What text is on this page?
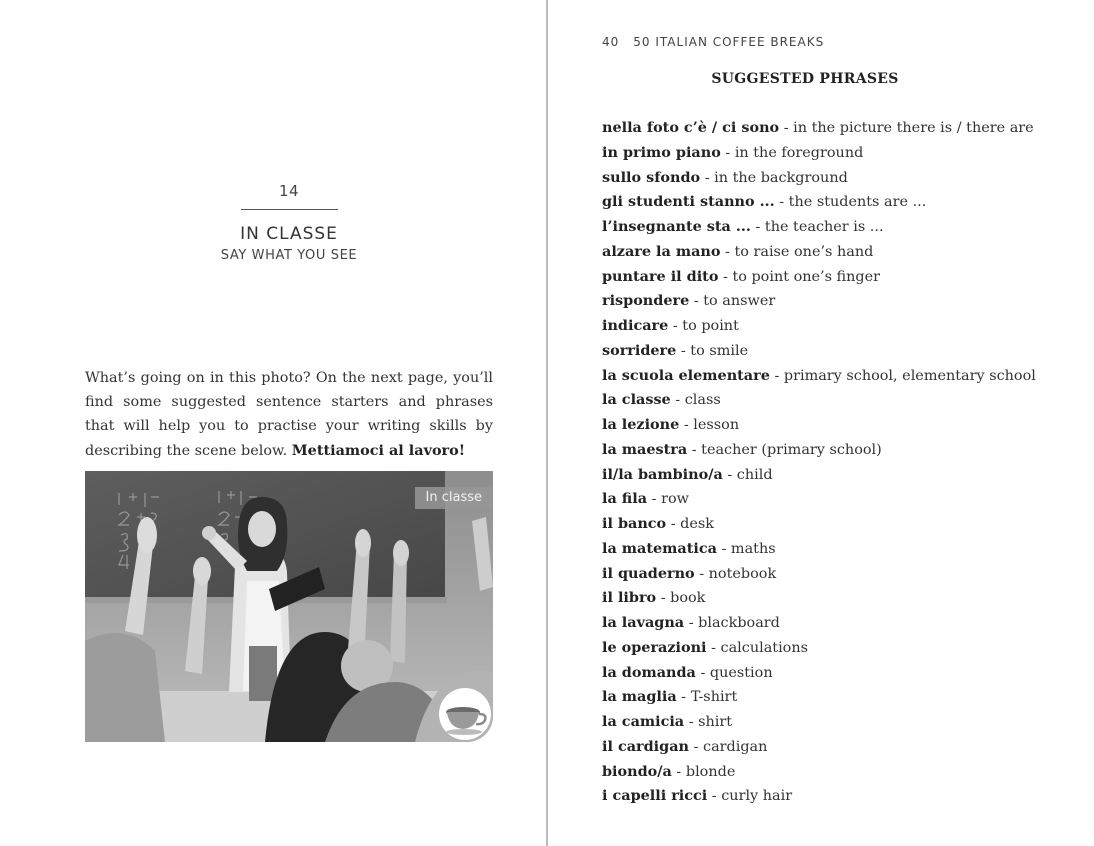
14
IN CLASSE
SAY WHAT YOU SEE

What’s going on in this photo? On the next page, you’ll find some suggested sentence starters and phrases that will help you to practise your writing skills by describing the scene below. Mettiamoci al lavoro!

In classe
40 50 ITALIAN COFFEE BREAKS
SUGGESTED PHRASES
nella foto c’è / ci sono - in the picture there is / there are
in primo piano - in the foreground
sullo sfondo - in the background
gli studenti stanno ... - the students are ...
l’insegnante sta ... - the teacher is ...
alzare la mano - to raise one’s hand
puntare il dito - to point one’s finger
rispondere - to answer
indicare - to point
sorridere - to smile
la scuola elementare - primary school, elementary school
la classe - class
la lezione - lesson
la maestra - teacher (primary school)
il/la bambino/a - child
la fila - row
il banco - desk
la matematica - maths
il quaderno - notebook
il libro - book
la lavagna - blackboard
le operazioni - calculations
la domanda - question
la maglia - T-shirt
la camicia - shirt
il cardigan - cardigan
biondo/a - blonde
i capelli ricci - curly hair
